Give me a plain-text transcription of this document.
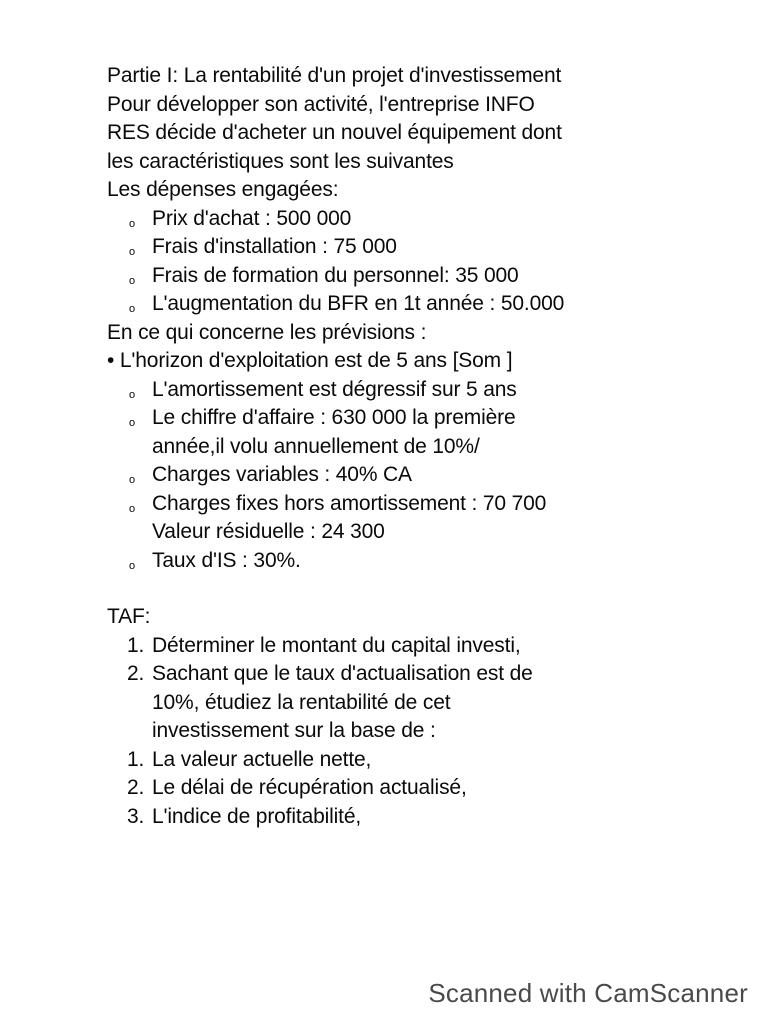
Partie I: La rentabilité d'un projet d'investissement
Pour développer son activité, l'entreprise INFO
RES décide d'acheter un nouvel équipement dont
les caractéristiques sont les suivantes
Les dépenses engagées:
o Prix d'achat : 500 000
o Frais d'installation : 75 000
o Frais de formation du personnel: 35 000
o L'augmentation du BFR en 1t année : 50.000
En ce qui concerne les prévisions :
• L'horizon d'exploitation est de 5 ans [Som ]
o L'amortissement est dégressif sur 5 ans
o Le chiffre d'affaire : 630 000 la première
année,il volu annuellement de 10%/
o Charges variables : 40% CA
o Charges fixes hors amortissement : 70 700
Valeur résiduelle : 24 300
o Taux d'IS : 30%.
TAF:
1. Déterminer le montant du capital investi,
2. Sachant que le taux d'actualisation est de
10%, étudiez la rentabilité de cet
investissement sur la base de :
1. La valeur actuelle nette,
2. Le délai de récupération actualisé,
3. L'indice de profitabilité,
Scanned with CamScanner
